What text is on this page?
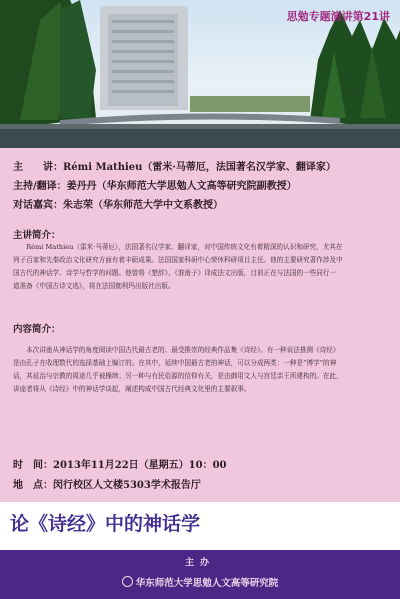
思勉专题演讲第21讲
主　　讲：Rémi Mathieu（雷米·马蒂厄，法国著名汉学家、翻译家）
主持/翻译：姜丹丹（华东师范大学思勉人文高等研究院副教授）
对话嘉宾：朱志荣（华东师范大学中文系教授）
主讲简介：
Rémi Mathieu（雷米·马蒂厄），法国著名汉学家、翻译家，对中国传统文化有着精深的认识和研究，尤其在
列子百家和先秦政治文化研究方面有着丰硕成果。法国国家科研中心荣休科研项目主任。他的主要研究著作涉及中
国古代的神话学、诗学与哲学的问题。他曾将《楚辞》、《淮南子》译成法文出版，目前正在与法国的一些同行一
道准备《中国古诗文选》，将在法国伽利玛出版社出版。
内容简介：
本次讲座从神话学的角度阅读中国古代最古老的、最受推崇的经典作品集《诗经》。有一种说法推测《诗经》
是由孔子在收理数代的选择基础上编订的。在其中，延续中国最古老的神话，可以分成两类：一种是“博学”的神
话，其延治与宗教的周途几乎被操缔；另一种与有民俗源的信仰有关，是由御用文人与宫廷亲王所建构的。在此，
讲座者将从《诗经》中的神话学谈起，阐述构成中国古代经典文化里的主要叙事。
时　间：2013年11月22日（星期五）10：00
地　点：闵行校区人文楼5303学术报告厅
论《诗经》中的神话学
主办
华东师范大学思勉人文高等研究院
